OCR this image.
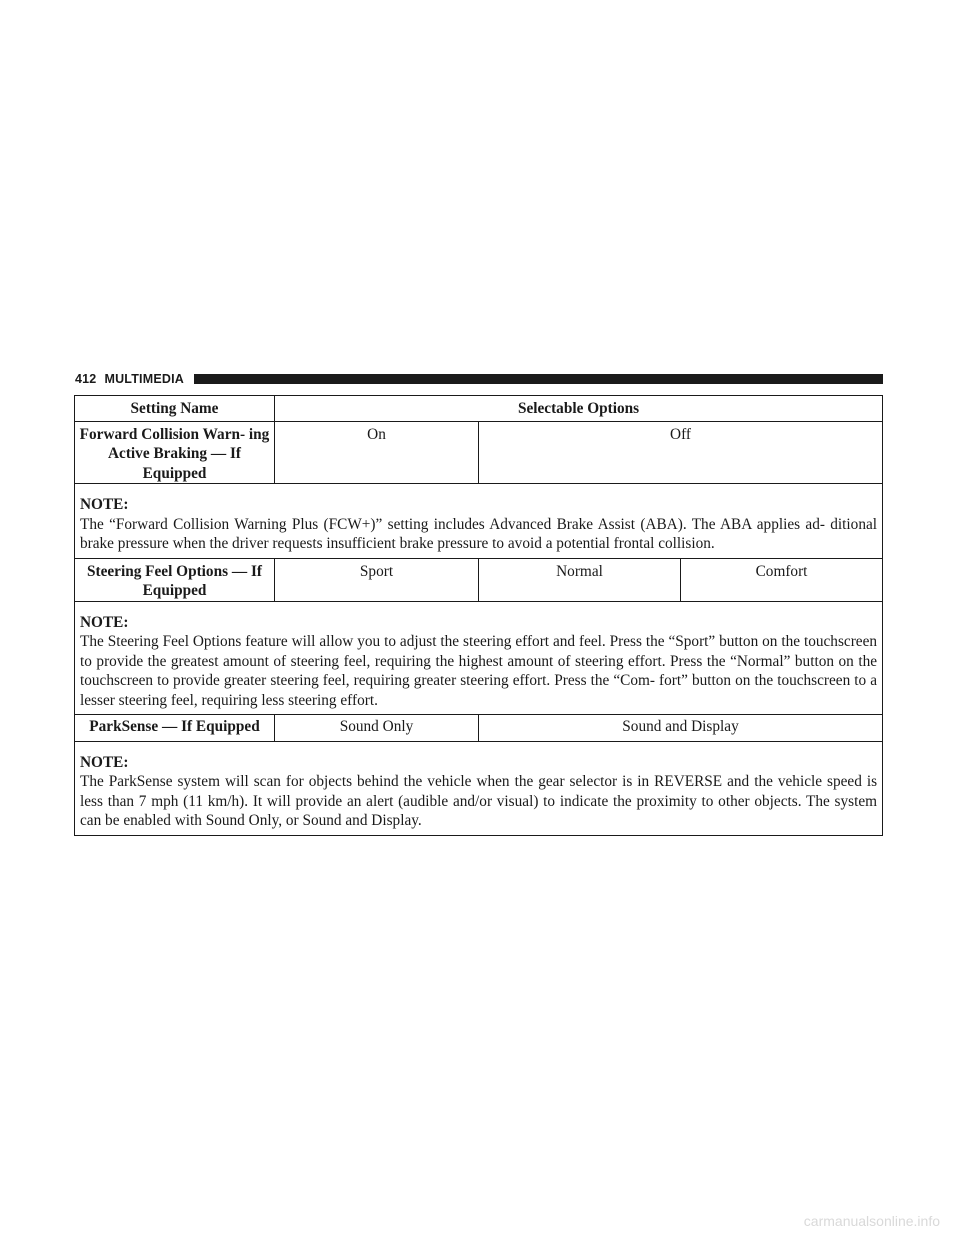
412 MULTIMEDIA
Setting Name	Selectable Options		
Forward Collision Warn- ing Active Braking — If Equipped	On	Off	

NOTE:
The “Forward Collision Warning Plus (FCW+)” setting includes Advanced Brake Assist (ABA). The ABA applies ad- ditional brake pressure when the driver requests insufficient brake pressure to avoid a potential frontal collision.			

Steering Feel Options — If Equipped	Sport	Normal	Comfort

NOTE:
The Steering Feel Options feature will allow you to adjust the steering effort and feel. Press the “Sport” button on the touchscreen to provide the greatest amount of steering feel, requiring the highest amount of steering effort. Press the “Normal” button on the touchscreen to provide greater steering feel, requiring greater steering effort. Press the “Com- fort” button on the touchscreen to a lesser steering feel, requiring less steering effort.			

ParkSense — If Equipped	Sound Only	Sound and Display	

NOTE:
The ParkSense system will scan for objects behind the vehicle when the gear selector is in REVERSE and the vehicle speed is less than 7 mph (11 km/h). It will provide an alert (audible and/or visual) to indicate the proximity to other objects. The system can be enabled with Sound Only, or Sound and Display.			
carmanualsonline.info
